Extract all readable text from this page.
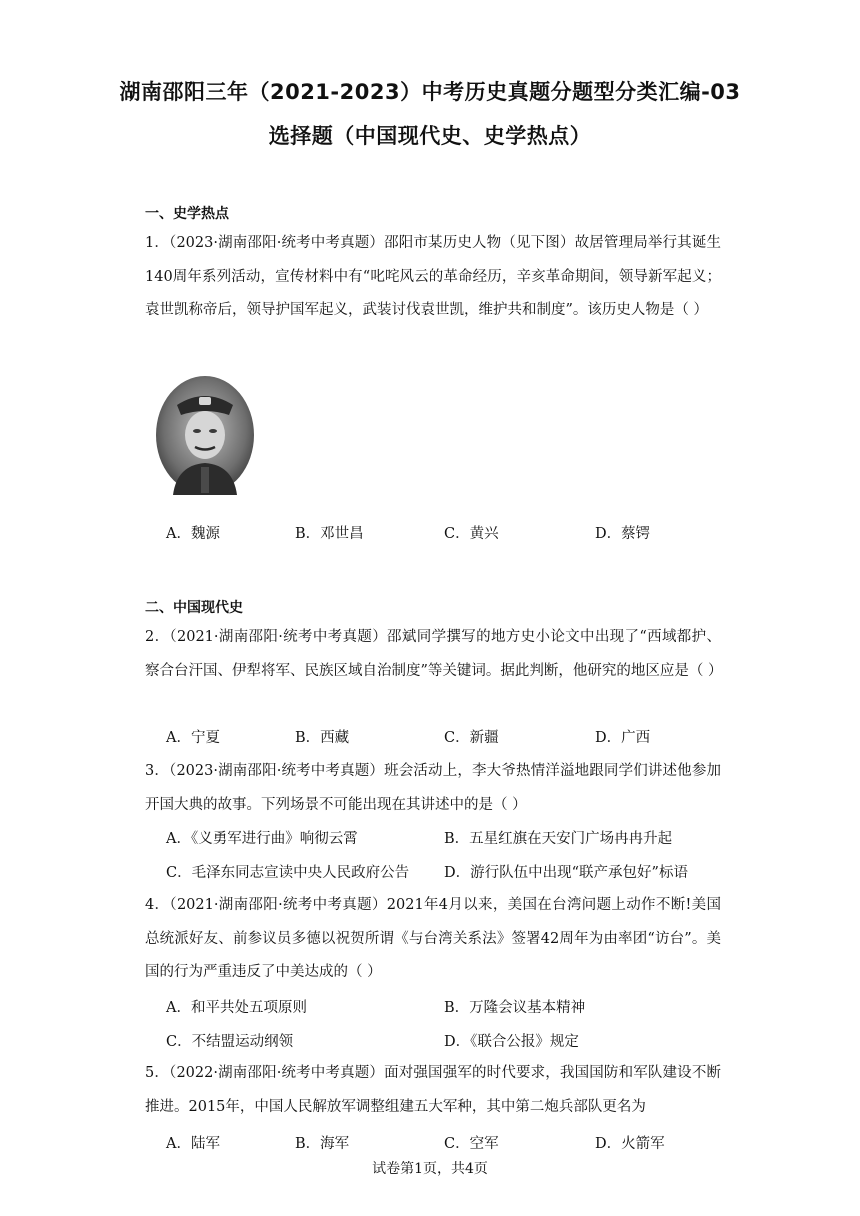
湖南邵阳三年（2021-2023）中考历史真题分题型分类汇编-03
选择题（中国现代史、史学热点）
一、史学热点
1．（2023·湖南邵阳·统考中考真题）邵阳市某历史人物（见下图）故居管理局举行其诞生140周年系列活动，宣传材料中有“叱咤风云的革命经历，辛亥革命期间，领导新军起义；袁世凯称帝后，领导护国军起义，武装讨伐袁世凯，维护共和制度”。该历史人物是（ ）
A．魏源	B．邓世昌	C．黄兴	D．蔡锷
二、中国现代史
2．（2021·湖南邵阳·统考中考真题）邵斌同学撰写的地方史小论文中出现了“西域都护、察合台汗国、伊犁将军、民族区域自治制度”等关键词。据此判断，他研究的地区应是（ ）
A．宁夏	B．西藏	C．新疆	D．广西
3．（2023·湖南邵阳·统考中考真题）班会活动上，李大爷热情洋溢地跟同学们讲述他参加开国大典的故事。下列场景不可能出现在其讲述中的是（ ）
A．《义勇军进行曲》响彻云霄	B．五星红旗在天安门广场冉冉升起
C．毛泽东同志宣读中央人民政府公告 D．游行队伍中出现“联产承包好”标语
4．（2021·湖南邵阳·统考中考真题）2021年4月以来，美国在台湾问题上动作不断!美国总统派好友、前参议员多德以祝贺所谓《与台湾关系法》签署42周年为由率团“访台”。美国的行为严重违反了中美达成的（ ）
A．和平共处五项原则	B．万隆会议基本精神
C．不结盟运动纲领	D．《联合公报》规定
5．（2022·湖南邵阳·统考中考真题）面对强国强军的时代要求，我国国防和军队建设不断推进。2015年，中国人民解放军调整组建五大军种，其中第二炮兵部队更名为
A．陆军	B．海军	C．空军	D．火箭军
试卷第1页，共4页
